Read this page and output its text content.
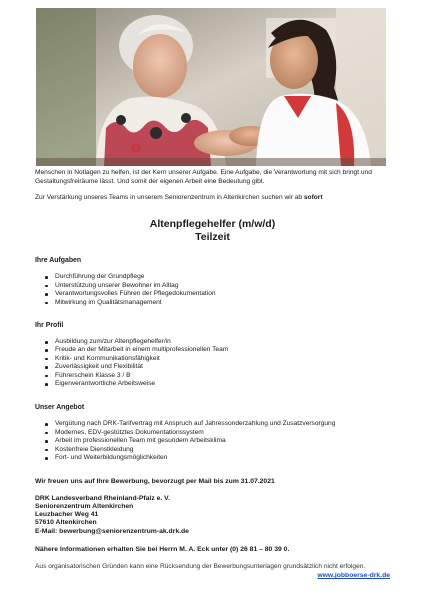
Menschen in Notlagen zu helfen, ist der Kern unserer Aufgabe. Eine Aufgabe, die Verantwortung mit sich bringt und Gestaltungsfreiräume lässt. Und somit der eigenen Arbeit eine Bedeutung gibt.

Zur Verstärkung unseres Teams in unserem Seniorenzentrum in Altenkirchen suchen wir ab sofort

Altenpflegehelfer (m/w/d)
Teilzeit
Ihre Aufgaben
Durchführung der Grundpflege
Unterstützung unserer Bewohner im Alltag
Verantwortungsvolles Führen der Pflegedokumentation
Mitwirkung im Qualitätsmanagement
Ihr Profil
Ausbildung zum/zur Altenpflegehelfer/in
Freude an der Mitarbeit in einem multiprofessionellen Team
Kritik- und Kommunikationsfähigkeit
Zuverlässigkeit und Flexibilität
Führerschein Klasse 3 / B
Eigenverantwortliche Arbeitsweise
Unser Angebot
Vergütung nach DRK-Tarifvertrag mit Anspruch auf Jahressonderzahlung und Zusatzversorgung
Modernes, EDV-gestütztes Dokumentationssystem
Arbeit im professionellen Team mit gesundem Arbeitsklima
Kostenfreie Dienstkleidung
Fort- und Weiterbildungsmöglichkeiten
Wir freuen uns auf Ihre Bewerbung, bevorzugt per Mail bis zum 31.07.2021
DRK Landesverband Rheinland-Pfalz e. V.
Seniorenzentrum Altenkirchen
Leuzbacher Weg 41
57610 Altenkirchen
E-Mail: bewerbung@seniorenzentrum-ak.drk.de
Nähere Informationen erhalten Sie bei Herrn M. A. Eck unter (0) 26 81 – 80 39 0.
Aus organisatorischen Gründen kann eine Rücksendung der Bewerbungsunterlagen grundsätzlich nicht erfolgen.
www.jobboerse-drk.de
